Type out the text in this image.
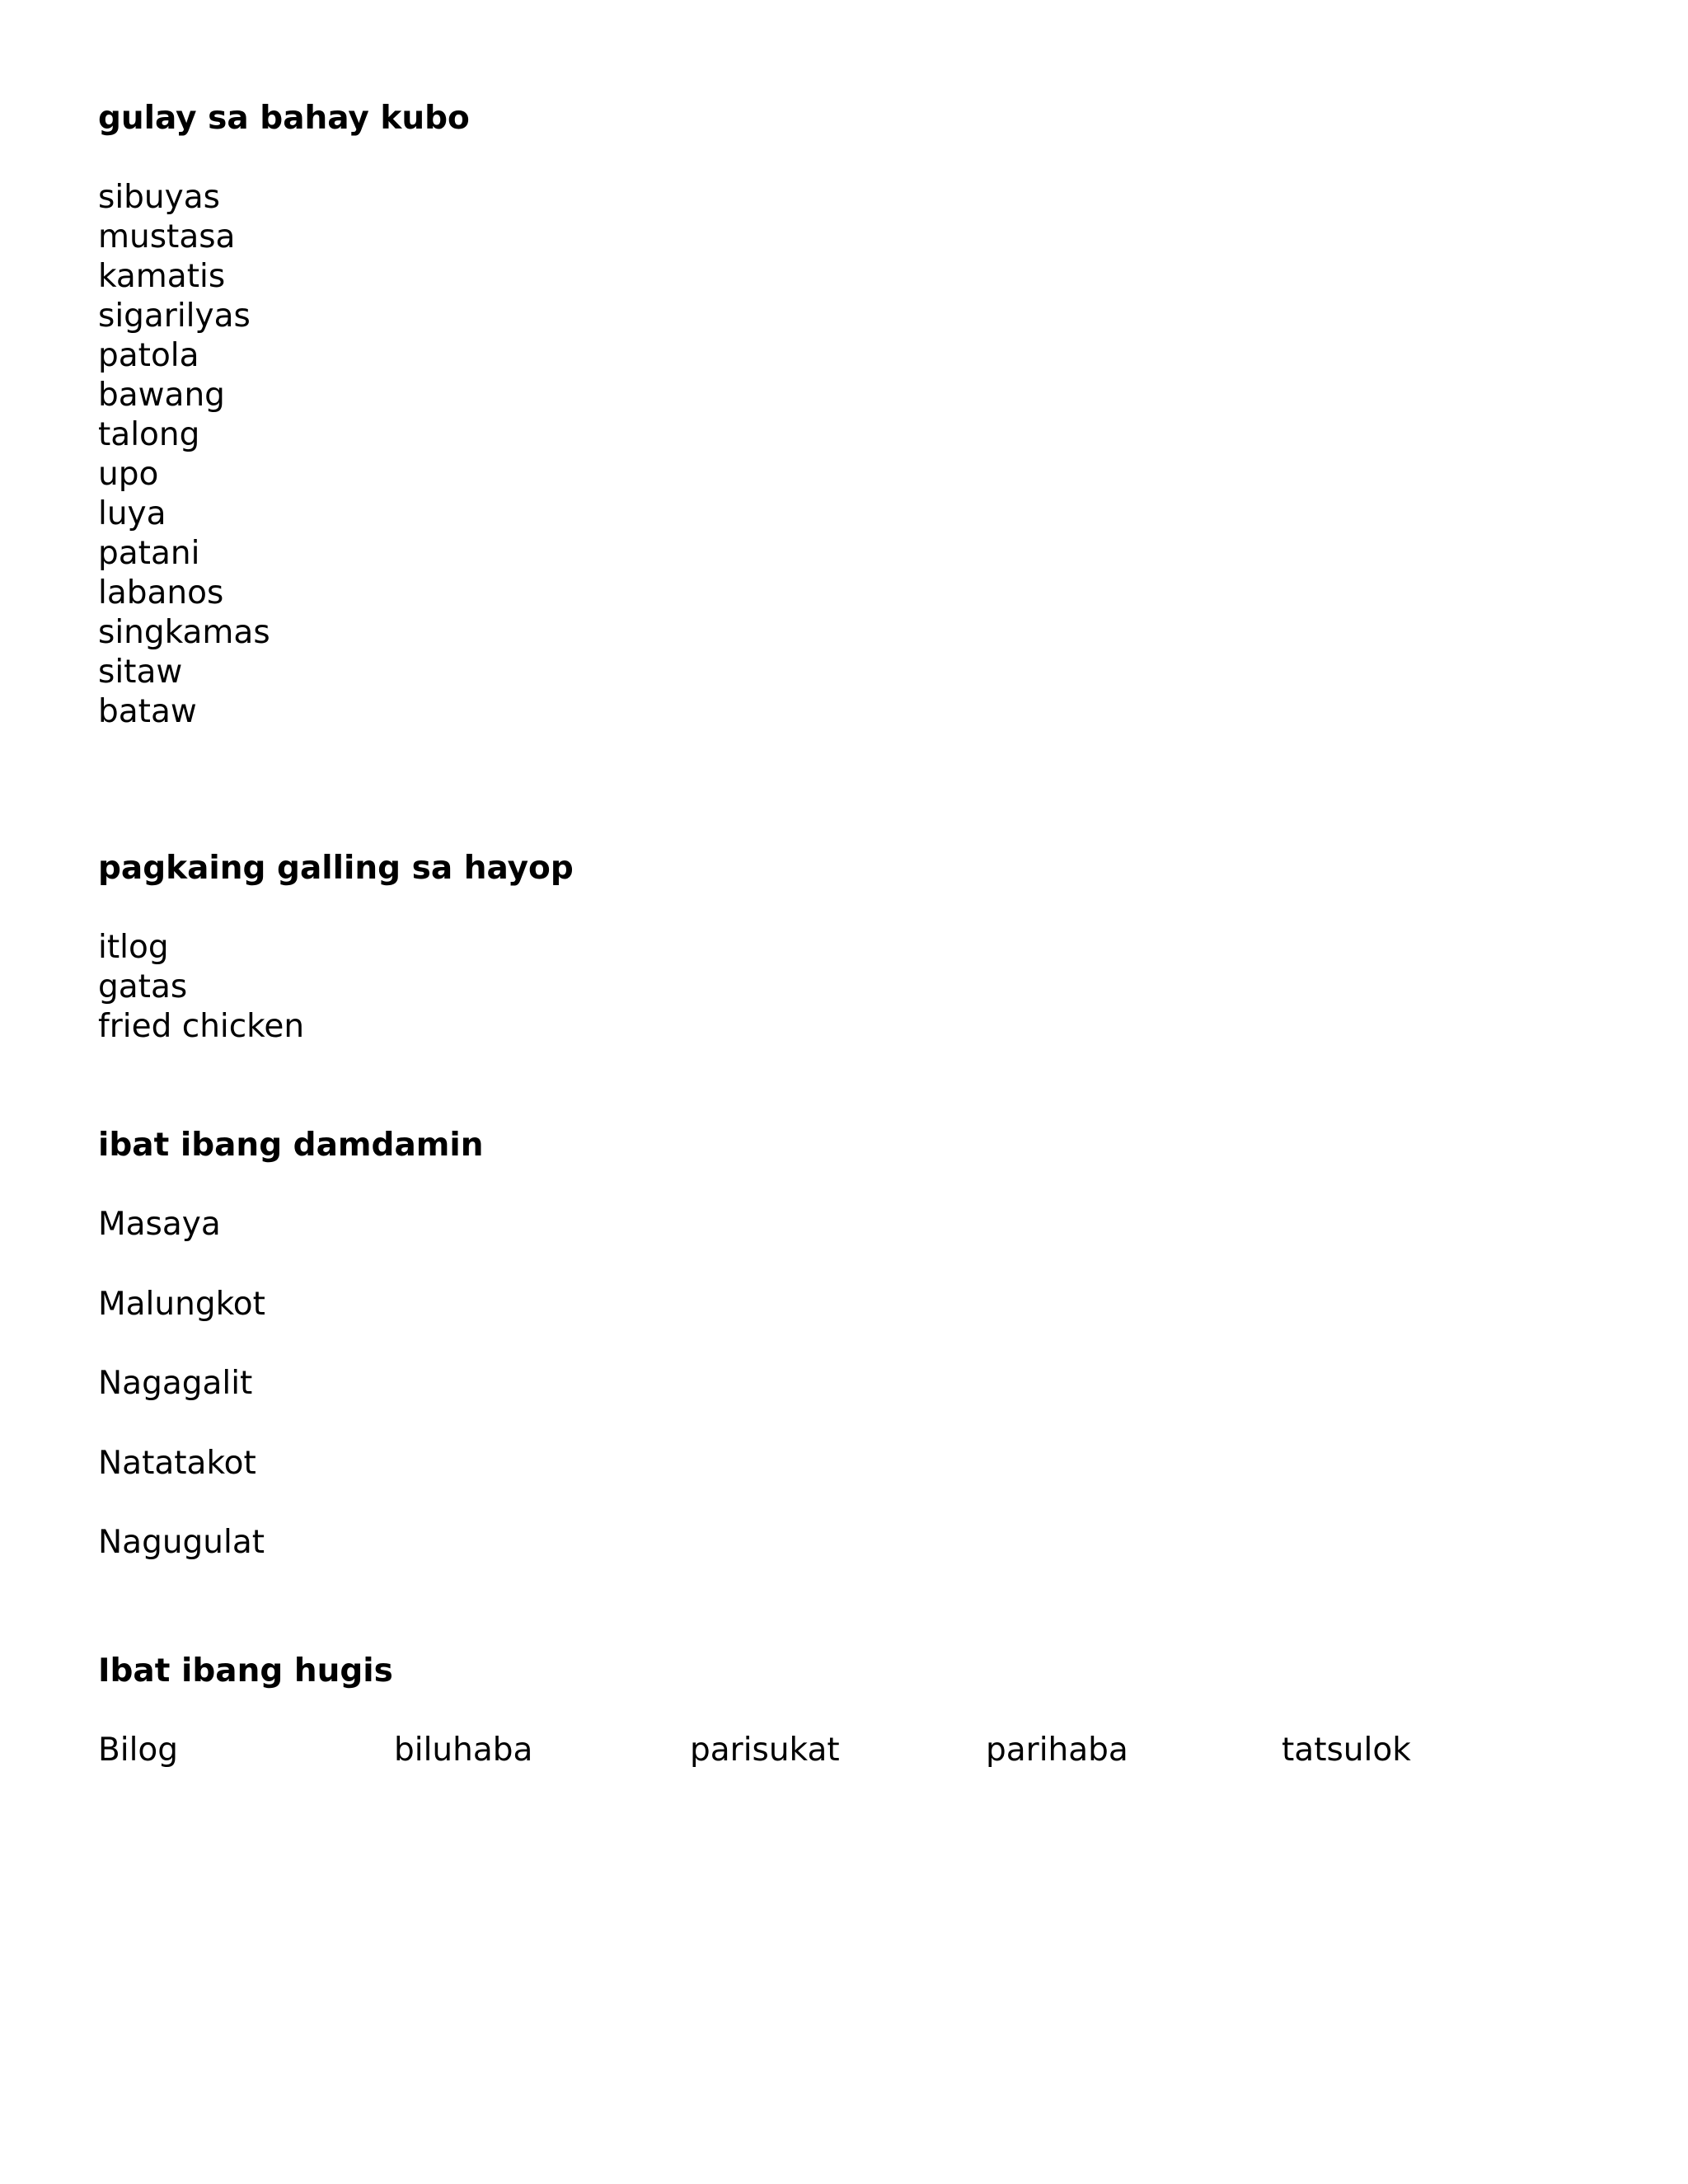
gulay sa bahay kubo
sibuyas
mustasa
kamatis
sigarilyas
patola
bawang
talong
upo
luya
patani
labanos
singkamas
sitaw
bataw
pagkaing galling sa hayop
itlog
gatas
fried chicken
ibat ibang damdamin
Masaya
Malungkot
Nagagalit
Natatakot
Nagugulat
Ibat ibang hugis
Bilog	biluhaba	parisukat	parihaba	tatsulok
